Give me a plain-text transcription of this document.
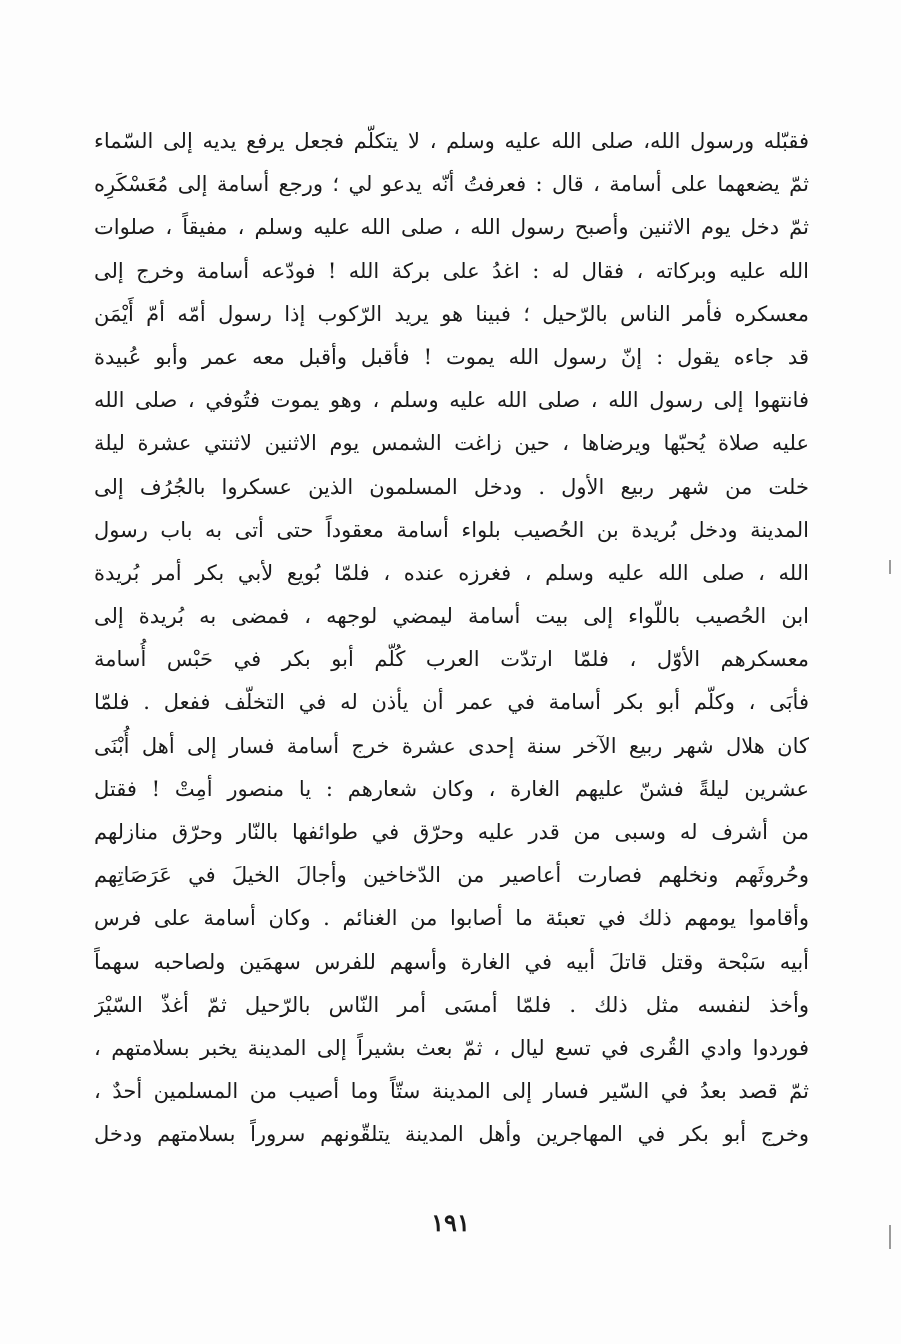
فقبّله ورسول الله، صلى الله عليه وسلم ، لا يتكلّم فجعل يرفع يديه إلى السّماء
ثمّ يضعهما على أسامة ، قال : فعرفتُ أنّه يدعو لي ؛ ورجع أسامة إلى مُعَسْكَرِه
ثمّ دخل يوم الاثنين وأصبح رسول الله ، صلى الله عليه وسلم ، مفيقاً ، صلوات
الله عليه وبركاته ، فقال له : اغدُ على بركة الله ! فودّعه أسامة وخرج إلى
معسكره فأمر الناس بالرّحيل ؛ فبينا هو يريد الرّكوب إذا رسول أمّه أمّ أَيْمَن
قد جاءه يقول : إنّ رسول الله يموت ! فأقبل وأقبل معه عمر وأبو عُبيدة
فانتهوا إلى رسول الله ، صلى الله عليه وسلم ، وهو يموت فتُوفي ، صلى الله
عليه صلاة يُحبّها ويرضاها ، حين زاغت الشمس يوم الاثنين لاثنتي عشرة ليلة
خلت من شهر ربيع الأول . ودخل المسلمون الذين عسكروا بالجُرُف إلى
المدينة ودخل بُريدة بن الحُصيب بلواء أسامة معقوداً حتى أتى به باب رسول
الله ، صلى الله عليه وسلم ، فغرزه عنده ، فلمّا بُويع لأبي بكر أمر بُريدة
ابن الحُصيب باللّواء إلى بيت أسامة ليمضي لوجهه ، فمضى به بُريدة إلى
معسكرهم الأوّل ، فلمّا ارتدّت العرب كُلّم أبو بكر في حَبْس أُسامة
فأبَى ، وكلّم أبو بكر أسامة في عمر أن يأذن له في التخلّف ففعل . فلمّا
كان هلال شهر ربيع الآخر سنة إحدى عشرة خرج أسامة فسار إلى أهل أُبْنَى
عشرين ليلةً فشنّ عليهم الغارة ، وكان شعارهم : يا منصور أمِتْ ! فقتل
من أشرف له وسبى من قدر عليه وحرّق في طوائفها بالنّار وحرّق منازلهم
وحُروثَهم ونخلهم فصارت أعاصير من الدّخاخين وأجالَ الخيلَ في عَرَصَاتِهم
وأقاموا يومهم ذلك في تعبئة ما أصابوا من الغنائم . وكان أسامة على فرس
أبيه سَبْحة وقتل قاتلَ أبيه في الغارة وأسهم للفرس سهمَين ولصاحبه سهماً
وأخذ لنفسه مثل ذلك . فلمّا أمسَى أمر النّاس بالرّحيل ثمّ أغذّ السّيْرَ
فوردوا وادي القُرى في تسع ليال ، ثمّ بعث بشيراً إلى المدينة يخبر بسلامتهم ،
ثمّ قصد بعدُ في السّير فسار إلى المدينة ستّاً وما أصيب من المسلمين أحدٌ ،
وخرج أبو بكر في المهاجرين وأهل المدينة يتلقّونهم سروراً بسلامتهم ودخل
١٩١
